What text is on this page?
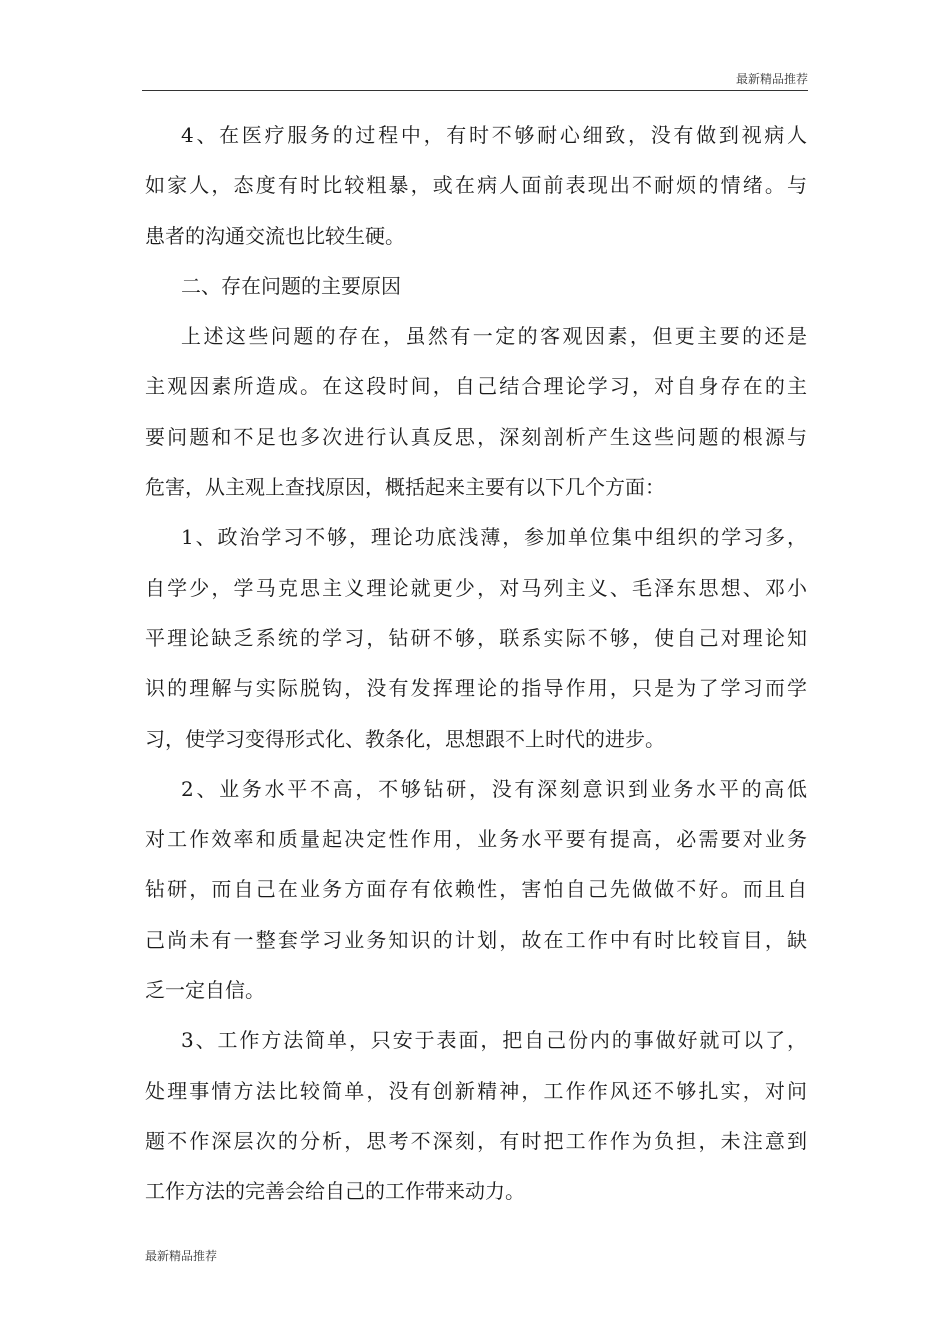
最新精品推荐
4、在医疗服务的过程中，有时不够耐心细致，没有做到视病人
如家人，态度有时比较粗暴，或在病人面前表现出不耐烦的情绪。与
患者的沟通交流也比较生硬。
二、存在问题的主要原因
上述这些问题的存在，虽然有一定的客观因素，但更主要的还是
主观因素所造成。在这段时间，自己结合理论学习，对自身存在的主
要问题和不足也多次进行认真反思，深刻剖析产生这些问题的根源与
危害，从主观上查找原因，概括起来主要有以下几个方面：
1、政治学习不够，理论功底浅薄，参加单位集中组织的学习多，
自学少，学马克思主义理论就更少，对马列主义、毛泽东思想、邓小
平理论缺乏系统的学习，钻研不够，联系实际不够，使自己对理论知
识的理解与实际脱钩，没有发挥理论的指导作用，只是为了学习而学
习，使学习变得形式化、教条化，思想跟不上时代的进步。
2、业务水平不高，不够钻研，没有深刻意识到业务水平的高低
对工作效率和质量起决定性作用，业务水平要有提高，必需要对业务
钻研，而自己在业务方面存有依赖性，害怕自己先做做不好。而且自
己尚未有一整套学习业务知识的计划，故在工作中有时比较盲目，缺
乏一定自信。
3、工作方法简单，只安于表面，把自己份内的事做好就可以了，
处理事情方法比较简单，没有创新精神，工作作风还不够扎实，对问
题不作深层次的分析，思考不深刻，有时把工作作为负担，未注意到
工作方法的完善会给自己的工作带来动力。
最新精品推荐
